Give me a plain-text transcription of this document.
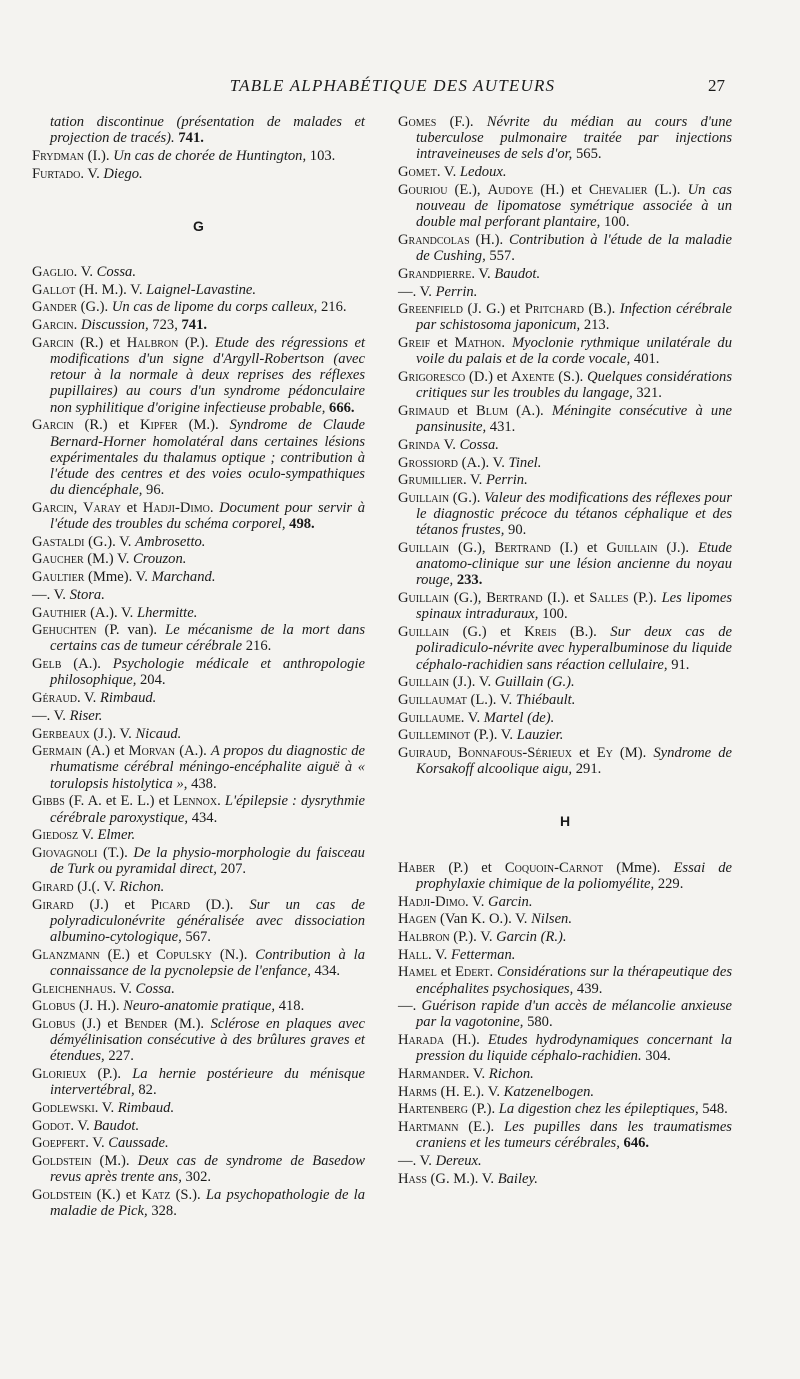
TABLE ALPHABÉTIQUE DES AUTEURS	27

tation discontinue (présentation de malades et projection de tracés). 741.

Frydman (I.). Un cas de chorée de Huntington, 103.

Furtado. V. Diego.

G

Gaglio. V. Cossa.

Gallot (H. M.). V. Laignel-Lavastine.

Gander (G.). Un cas de lipome du corps calleux, 216.

Garcin. Discussion, 723, 741.

Garcin (R.) et Halbron (P.). Etude des régressions et modifications d'un signe d'Argyll-Robertson (avec retour à la normale à deux reprises des réflexes pupillaires) au cours d'un syndrome pédonculaire non syphilitique d'origine infectieuse probable, 666.

Garcin (R.) et Kipfer (M.). Syndrome de Claude Bernard-Horner homolatéral dans certaines lésions expérimentales du thalamus optique ; contribution à l'étude des centres et des voies oculo-sympathiques du diencéphale, 96.

Garcin, Varay et Hadji-Dimo. Document pour servir à l'étude des troubles du schéma corporel, 498.

Gastaldi (G.). V. Ambrosetto.

Gaucher (M.) V. Crouzon.

Gaultier (Mme). V. Marchand.

—. V. Stora.

Gauthier (A.). V. Lhermitte.

Gehuchten (P. van). Le mécanisme de la mort dans certains cas de tumeur cérébrale 216.

Gelb (A.). Psychologie médicale et anthropologie philosophique, 204.

Géraud. V. Rimbaud.

—. V. Riser.

Gerbeaux (J.). V. Nicaud.

Germain (A.) et Morvan (A.). A propos du diagnostic de rhumatisme cérébral méningo-encéphalite aiguë à « torulopsis histolytica », 438.

Gibbs (F. A. et E. L.) et Lennox. L'épilepsie : dysrythmie cérébrale paroxystique, 434.

Giedosz V. Elmer.

Giovagnoli (T.). De la physio-morphologie du faisceau de Turk ou pyramidal direct, 207.

Girard (J.(. V. Richon.

Girard (J.) et Picard (D.). Sur un cas de polyradiculonévrite généralisée avec dissociation albumino-cytologique, 567.

Glanzmann (E.) et Copulsky (N.). Contribution à la connaissance de la pycnolepsie de l'enfance, 434.

Gleichenhaus. V. Cossa.

Globus (J. H.). Neuro-anatomie pratique, 418.

Globus (J.) et Bender (M.). Sclérose en plaques avec démyélinisation consécutive à des brûlures graves et étendues, 227.

Glorieux (P.). La hernie postérieure du ménisque intervertébral, 82.

Godlewski. V. Rimbaud.

Godot. V. Baudot.

Goepfert. V. Caussade.

Goldstein (M.). Deux cas de syndrome de Basedow revus après trente ans, 302.

Goldstein (K.) et Katz (S.). La psychopathologie de la maladie de Pick, 328.

Gomes (F.). Névrite du médian au cours d'une tuberculose pulmonaire traitée par injections intraveineuses de sels d'or, 565.

Gomet. V. Ledoux.

Gouriou (E.), Audoye (H.) et Chevalier (L.). Un cas nouveau de lipomatose symétrique associée à un double mal perforant plantaire, 100.

Grandcolas (H.). Contribution à l'étude de la maladie de Cushing, 557.

Grandpierre. V. Baudot.

—. V. Perrin.

Greenfield (J. G.) et Pritchard (B.). Infection cérébrale par schistosoma japonicum, 213.

Greif et Mathon. Myoclonie rythmique unilatérale du voile du palais et de la corde vocale, 401.

Grigoresco (D.) et Axente (S.). Quelques considérations critiques sur les troubles du langage, 321.

Grimaud et Blum (A.). Méningite consécutive à une pansinusite, 431.

Grinda V. Cossa.

Grossiord (A.). V. Tinel.

Grumillier. V. Perrin.

Guillain (G.). Valeur des modifications des réflexes pour le diagnostic précoce du tétanos céphalique et des tétanos frustes, 90.

Guillain (G.), Bertrand (I.) et Guillain (J.). Etude anatomo-clinique sur une lésion ancienne du noyau rouge, 233.

Guillain (G.), Bertrand (I.). et Salles (P.). Les lipomes spinaux intraduraux, 100.

Guillain (G.) et Kreis (B.). Sur deux cas de poliradiculo-névrite avec hyperalbuminose du liquide céphalo-rachidien sans réaction cellulaire, 91.

Guillain (J.). V. Guillain (G.).

Guillaumat (L.). V. Thiébault.

Guillaume. V. Martel (de).

Guilleminot (P.). V. Lauzier.

Guiraud, Bonnafous-Sérieux et Ey (M). Syndrome de Korsakoff alcoolique aigu, 291.

H

Haber (P.) et Coquoin-Carnot (Mme). Essai de prophylaxie chimique de la poliomyélite, 229.

Hadji-Dimo. V. Garcin.

Hagen (Van K. O.). V. Nilsen.

Halbron (P.). V. Garcin (R.).

Hall. V. Fetterman.

Hamel et Edert. Considérations sur la thérapeutique des encéphalites psychosiques, 439.

—. Guérison rapide d'un accès de mélancolie anxieuse par la vagotonine, 580.

Harada (H.). Etudes hydrodynamiques concernant la pression du liquide céphalo-rachidien. 304.

Harmander. V. Richon.

Harms (H. E.). V. Katzenelbogen.

Hartenberg (P.). La digestion chez les épileptiques, 548.

Hartmann (E.). Les pupilles dans les traumatismes craniens et les tumeurs cérébrales, 646.

—. V. Dereux.

Hass (G. M.). V. Bailey.
